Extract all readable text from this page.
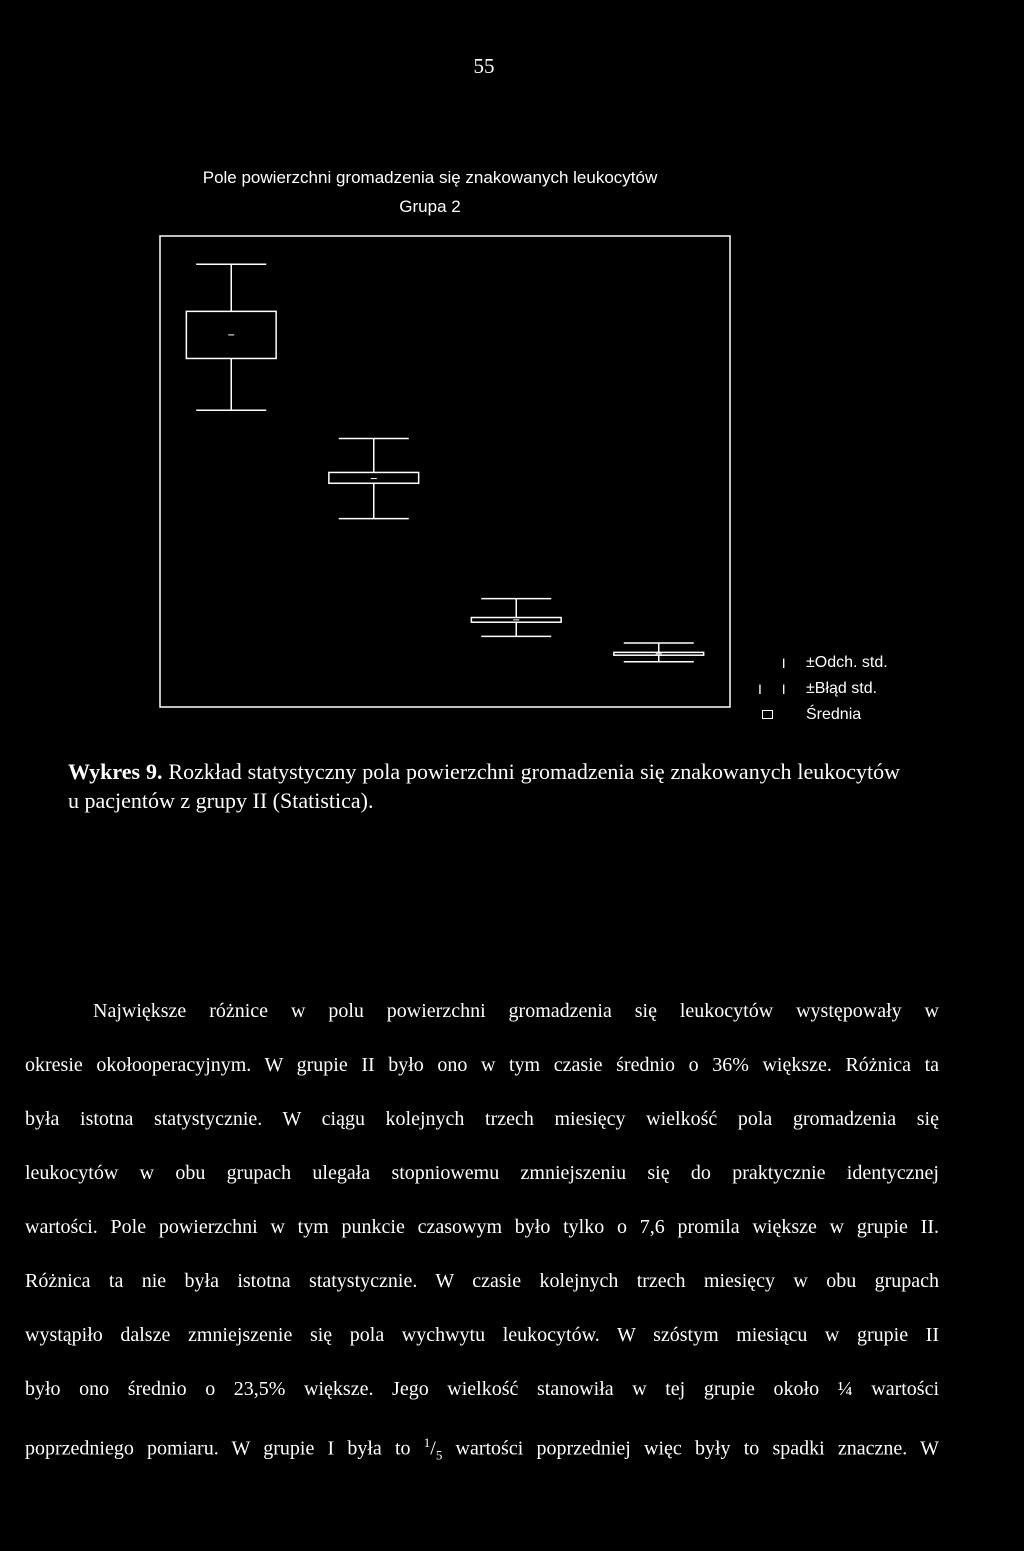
55
Pole powierzchni gromadzenia się znakowanych leukocytów
Grupa 2
I ±Odch. std.
I I ±Błąd std.
Średnia
Wykres 9. Rozkład statystyczny pola powierzchni gromadzenia się znakowanych leukocytów u pacjentów z grupy II (Statistica).
Największe różnice w polu powierzchni gromadzenia się leukocytów występowały w
okresie okołooperacyjnym. W grupie II było ono w tym czasie średnio o 36% większe. Różnica ta
była istotna statystycznie. W ciągu kolejnych trzech miesięcy wielkość pola gromadzenia się
leukocytów w obu grupach ulegała stopniowemu zmniejszeniu się do praktycznie identycznej
wartości. Pole powierzchni w tym punkcie czasowym było tylko o 7,6 promila większe w grupie II.
Różnica ta nie była istotna statystycznie. W czasie kolejnych trzech miesięcy w obu grupach
wystąpiło dalsze zmniejszenie się pola wychwytu leukocytów. W szóstym miesiącu w grupie II
było ono średnio o 23,5% większe. Jego wielkość stanowiła w tej grupie około ¼ wartości
poprzedniego pomiaru. W grupie I była to $^1/_5$ wartości poprzedniej więc były to spadki znaczne. W
